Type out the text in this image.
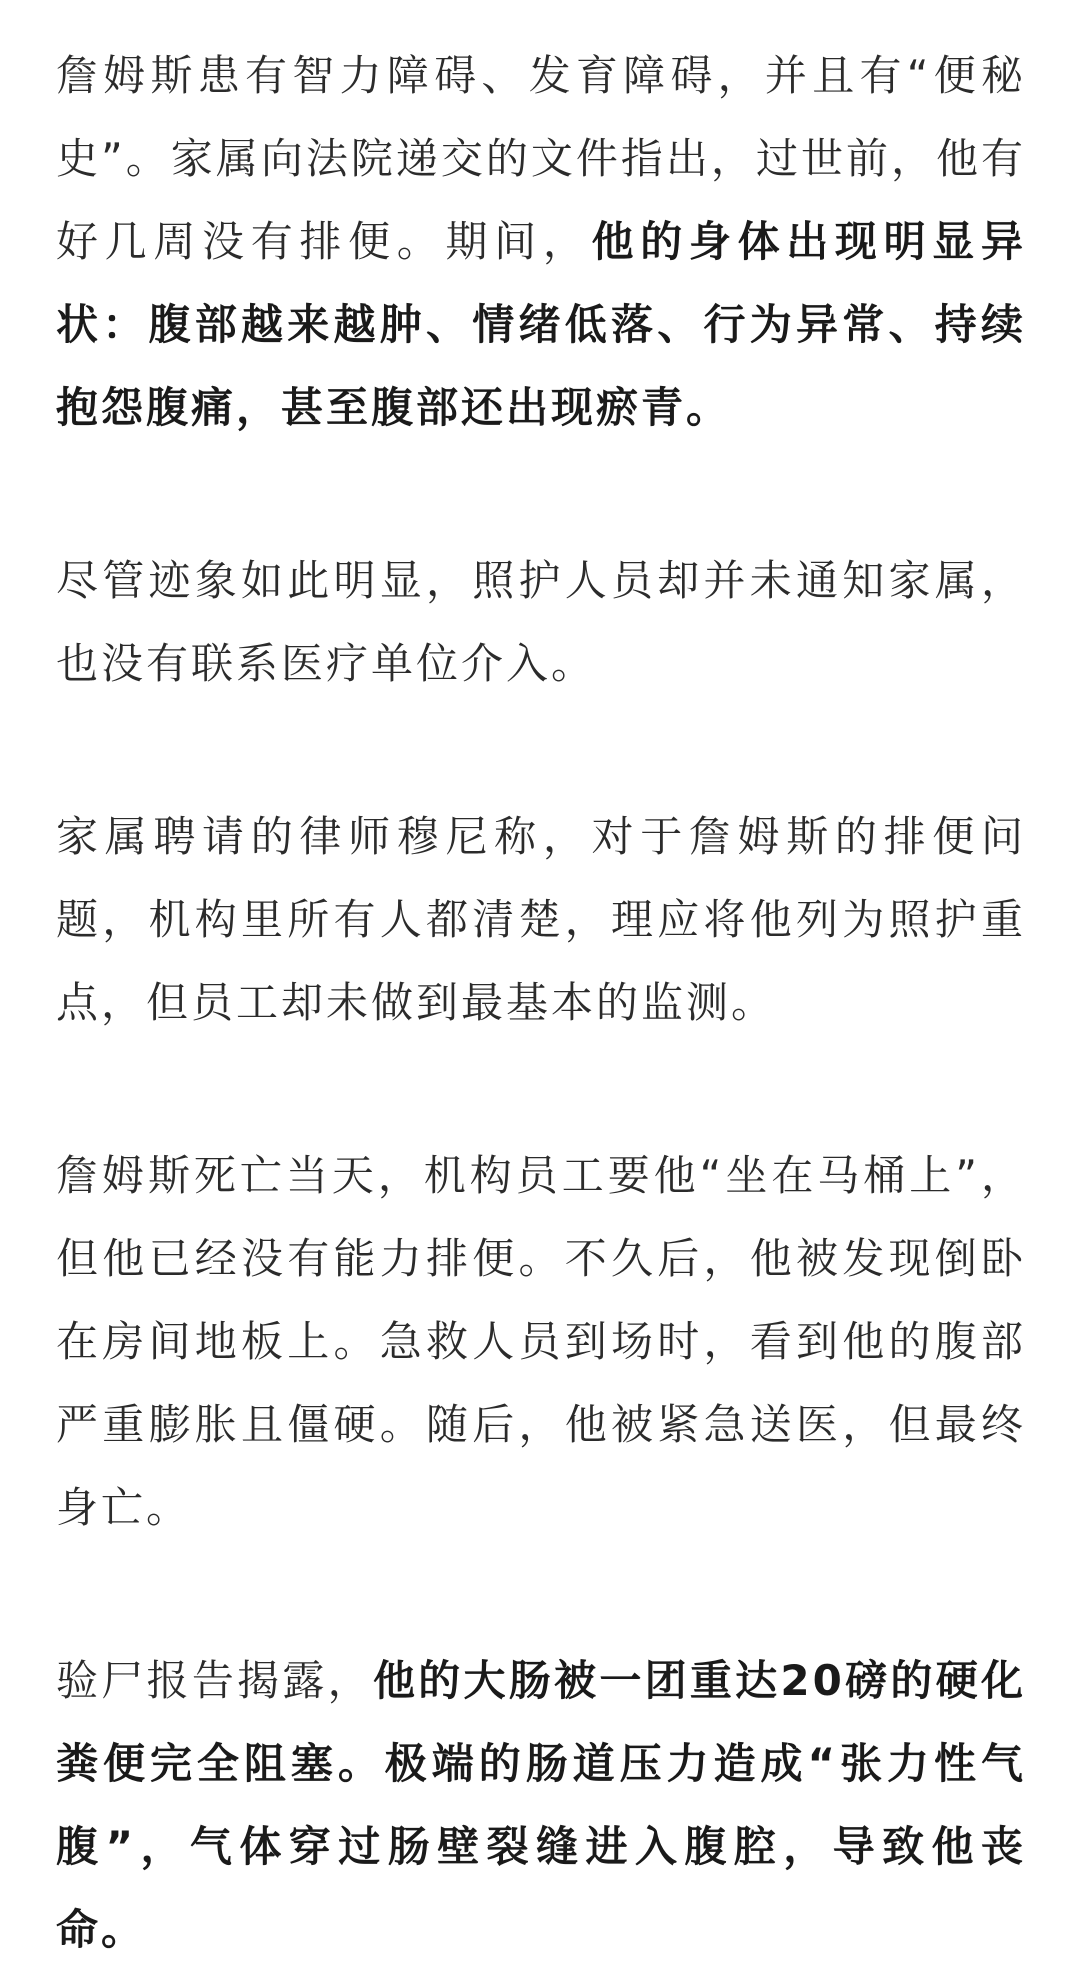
詹姆斯患有智力障碍、发育障碍，并且有“便秘史”。家属向法院递交的文件指出，过世前，他有好几周没有排便。期间，他的身体出现明显异状：腹部越来越肿、情绪低落、行为异常、持续抱怨腹痛，甚至腹部还出现瘀青。

尽管迹象如此明显，照护人员却并未通知家属，也没有联系医疗单位介入。

家属聘请的律师穆尼称，对于詹姆斯的排便问题，机构里所有人都清楚，理应将他列为照护重点，但员工却未做到最基本的监测。

詹姆斯死亡当天，机构员工要他“坐在马桶上”，但他已经没有能力排便。不久后，他被发现倒卧在房间地板上。急救人员到场时，看到他的腹部严重膨胀且僵硬。随后，他被紧急送医，但最终身亡。

验尸报告揭露，他的大肠被一团重达20磅的硬化粪便完全阻塞。极端的肠道压力造成“张力性气腹”，气体穿过肠壁裂缝进入腹腔，导致他丧命。
